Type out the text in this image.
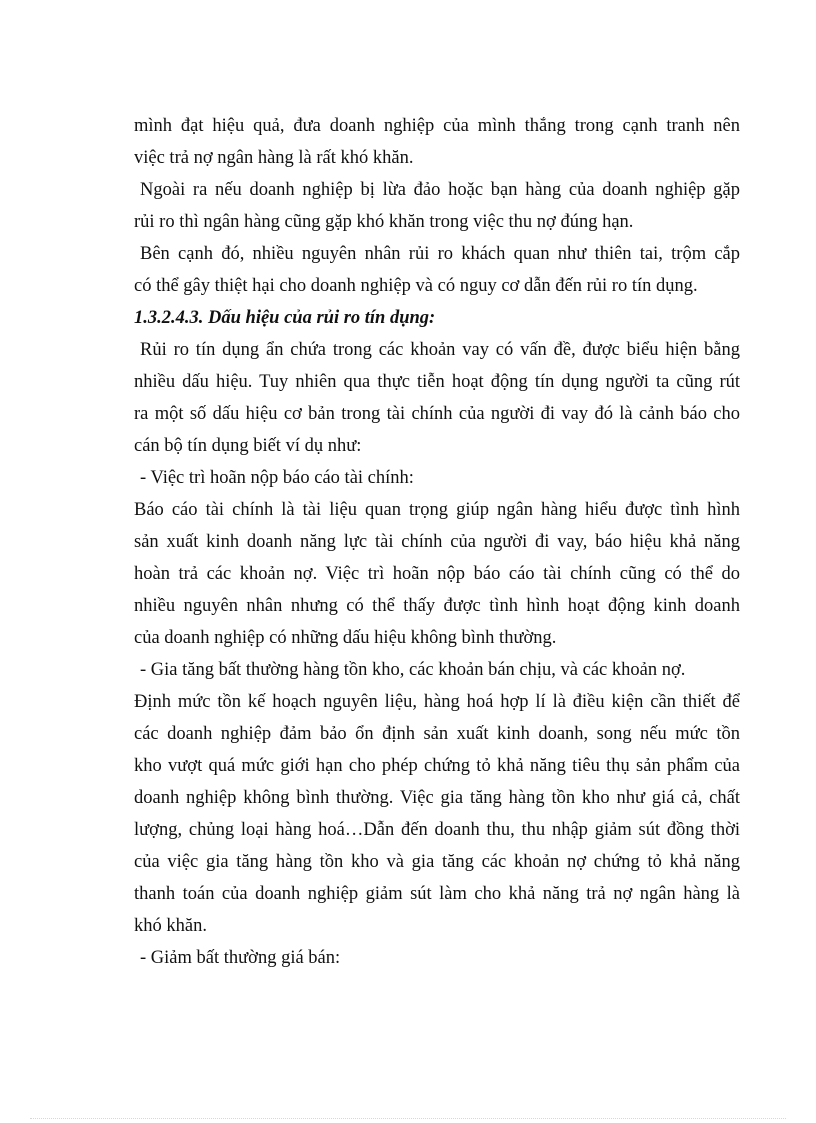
mình đạt hiệu quả, đưa doanh nghiệp của mình thắng trong cạnh tranh nên
việc trả nợ ngân hàng là rất khó khăn.
Ngoài ra nếu doanh nghiệp bị lừa đảo hoặc bạn hàng của doanh nghiệp gặp
rủi ro thì ngân hàng cũng gặp khó khăn trong việc thu nợ đúng hạn.
Bên cạnh đó, nhiều nguyên nhân rủi ro khách quan như thiên tai, trộm cắp
có thể gây thiệt hại cho doanh nghiệp và có nguy cơ dẫn đến rủi ro tín dụng.
1.3.2.4.3. Dấu hiệu của rủi ro tín dụng:
Rủi ro tín dụng ẩn chứa trong các khoản vay có vấn đề, được biểu hiện bằng
nhiều dấu hiệu. Tuy nhiên qua thực tiễn hoạt động tín dụng người ta cũng rút
ra một số dấu hiệu cơ bản trong tài chính của người đi vay đó là cảnh báo cho
cán bộ tín dụng biết ví dụ như:
- Việc trì hoãn nộp báo cáo tài chính:
Báo cáo tài chính là tài liệu quan trọng giúp ngân hàng hiểu được tình hình
sản xuất kinh doanh năng lực tài chính của người đi vay, báo hiệu khả năng
hoàn trả các khoản nợ. Việc trì hoãn nộp báo cáo tài chính cũng có thể do
nhiều nguyên nhân nhưng có thể thấy được tình hình hoạt động kinh doanh
của doanh nghiệp có những dấu hiệu không bình thường.
- Gia tăng bất thường hàng tồn kho, các khoản bán chịu, và các khoản nợ.
Định mức tồn kế hoạch nguyên liệu, hàng hoá hợp lí là điều kiện cần thiết để
các doanh nghiệp đảm bảo ổn định sản xuất kinh doanh, song nếu mức tồn
kho vượt quá mức giới hạn cho phép chứng tỏ khả năng tiêu thụ sản phẩm của
doanh nghiệp không bình thường. Việc gia tăng hàng tồn kho như giá cả, chất
lượng, chủng loại hàng hoá…Dẫn đến doanh thu, thu nhập giảm sút đồng thời
của việc gia tăng hàng tồn kho và gia tăng các khoản nợ chứng tỏ khả năng
thanh toán của doanh nghiệp giảm sút làm cho khả năng trả nợ ngân hàng là
khó khăn.
- Giảm bất thường giá bán:
